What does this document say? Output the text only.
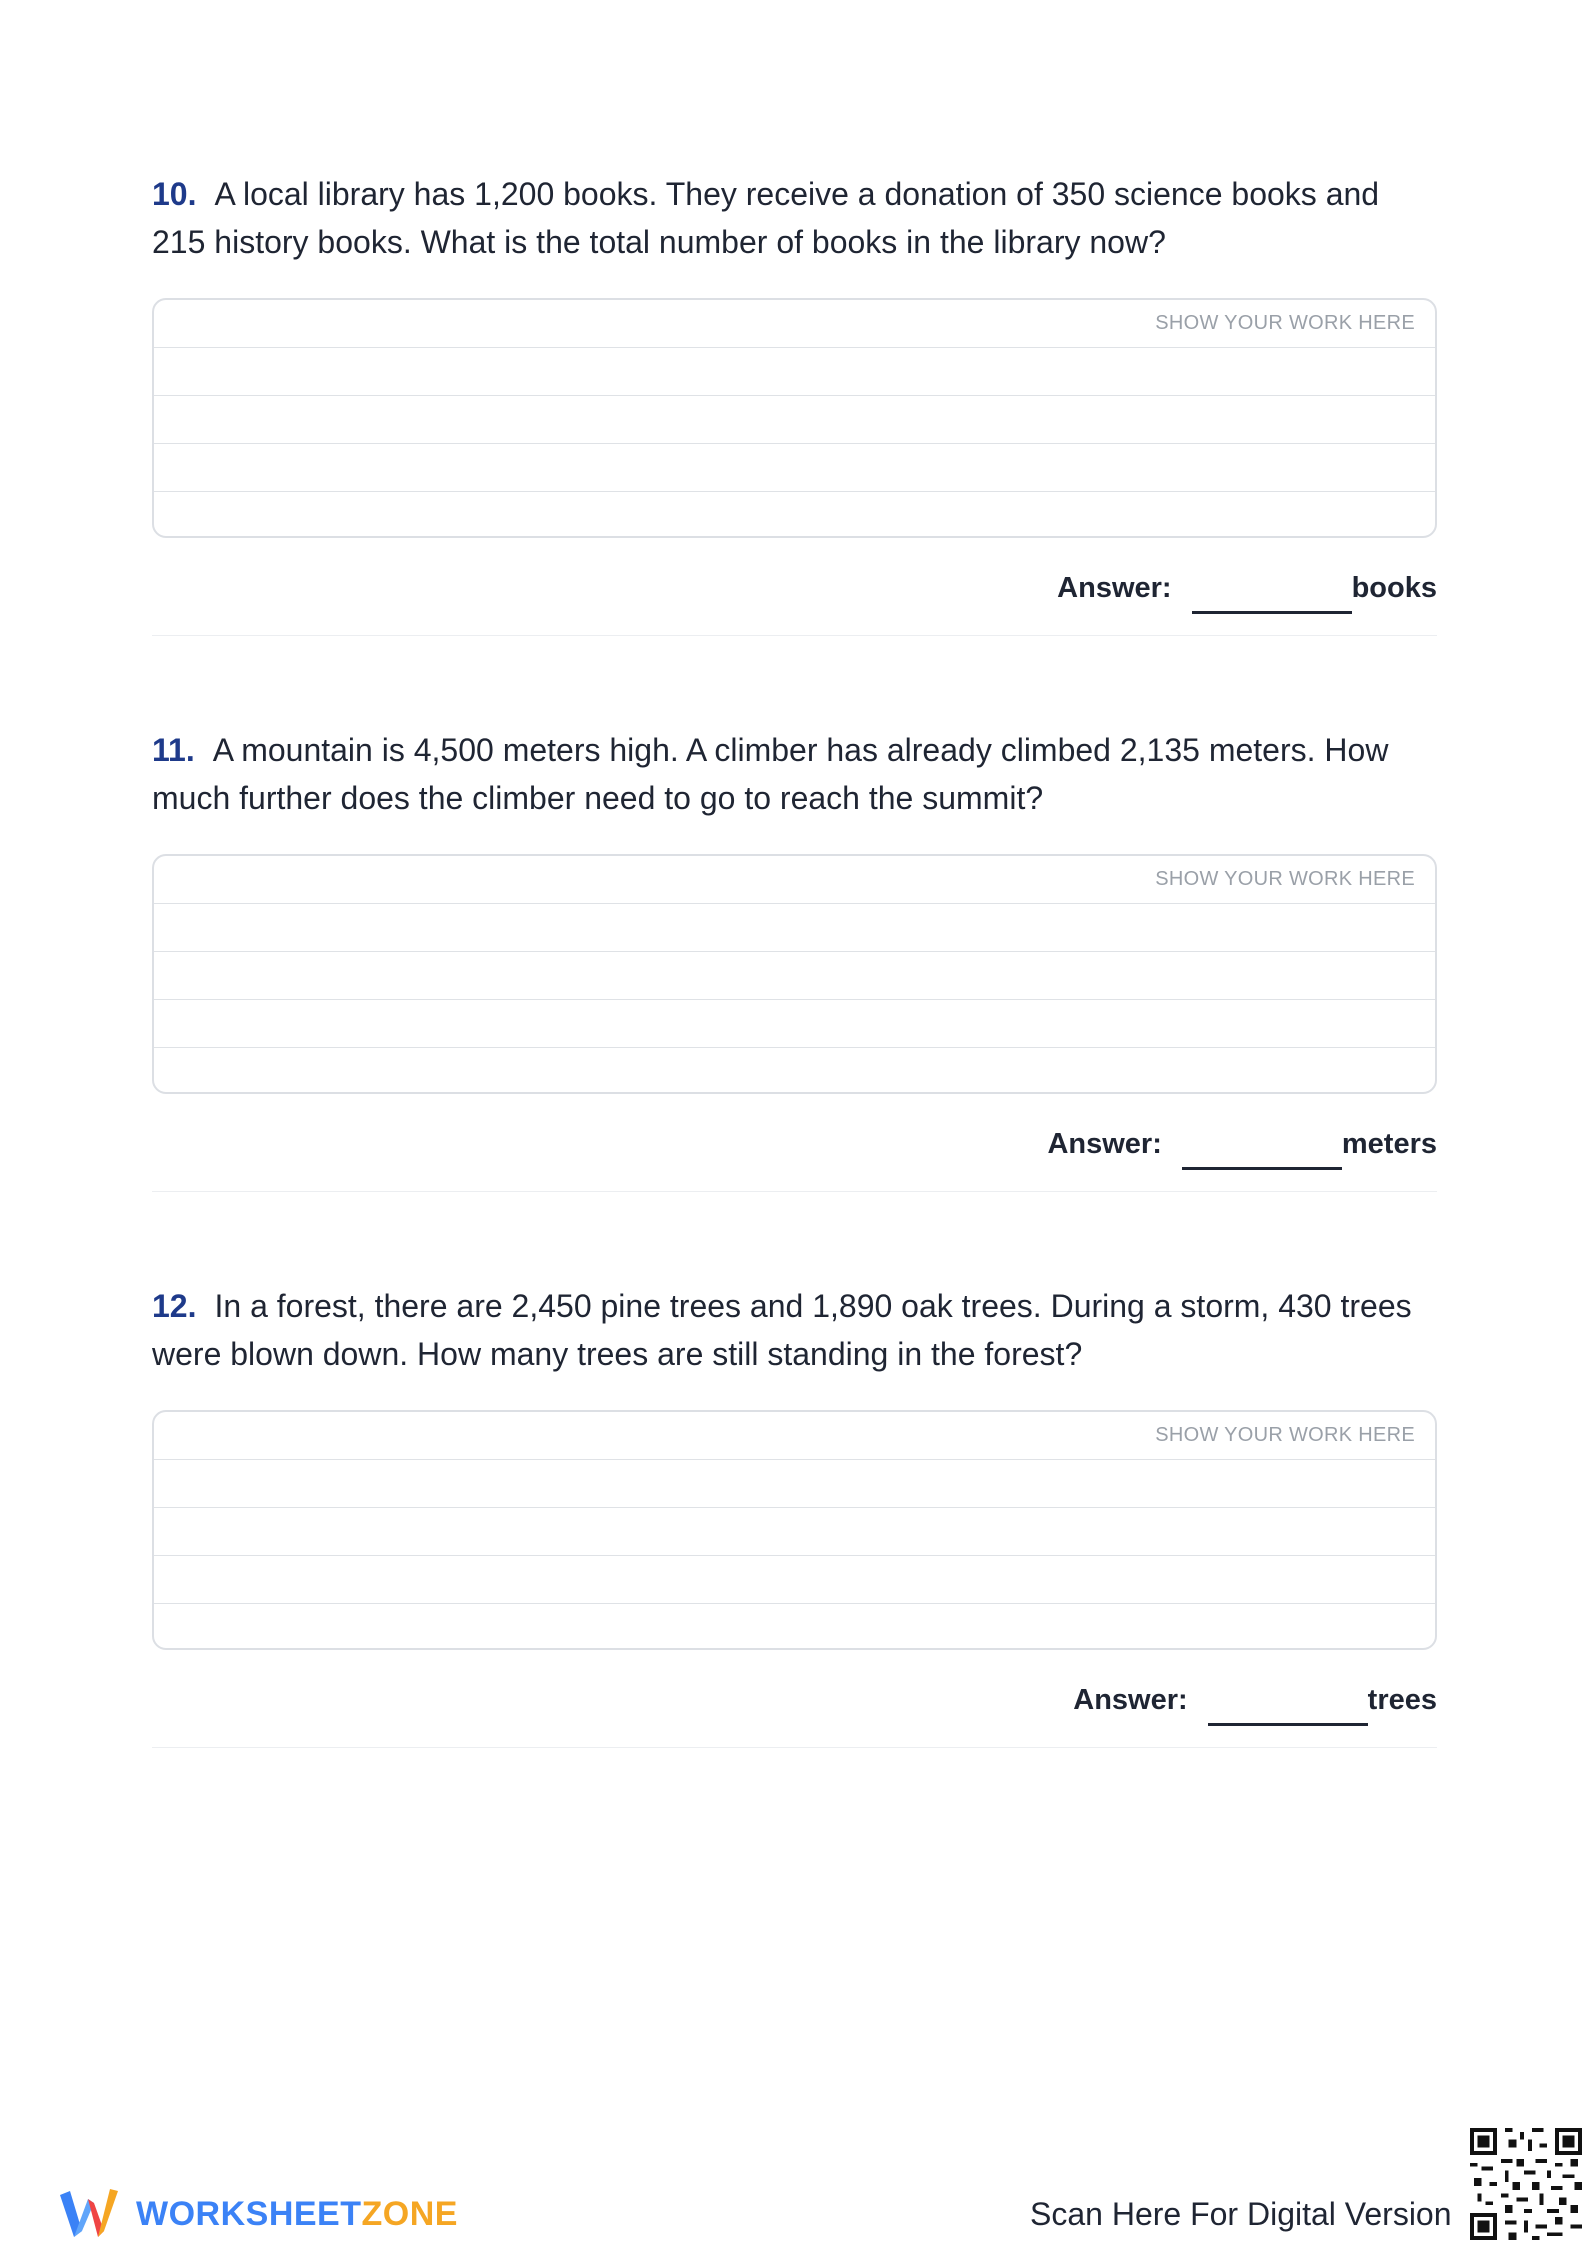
10. A local library has 1,200 books. They receive a donation of 350 science books and 215 history books. What is the total number of books in the library now?

SHOW YOUR WORK HERE
Answer:	books

11. A mountain is 4,500 meters high. A climber has already climbed 2,135 meters. How much further does the climber need to go to reach the summit?

SHOW YOUR WORK HERE
Answer:	meters

12. In a forest, there are 2,450 pine trees and 1,890 oak trees. During a storm, 430 trees were blown down. How many trees are still standing in the forest?

SHOW YOUR WORK HERE
Answer:	trees
WORKSHEETZONE	Scan Here For Digital Version
